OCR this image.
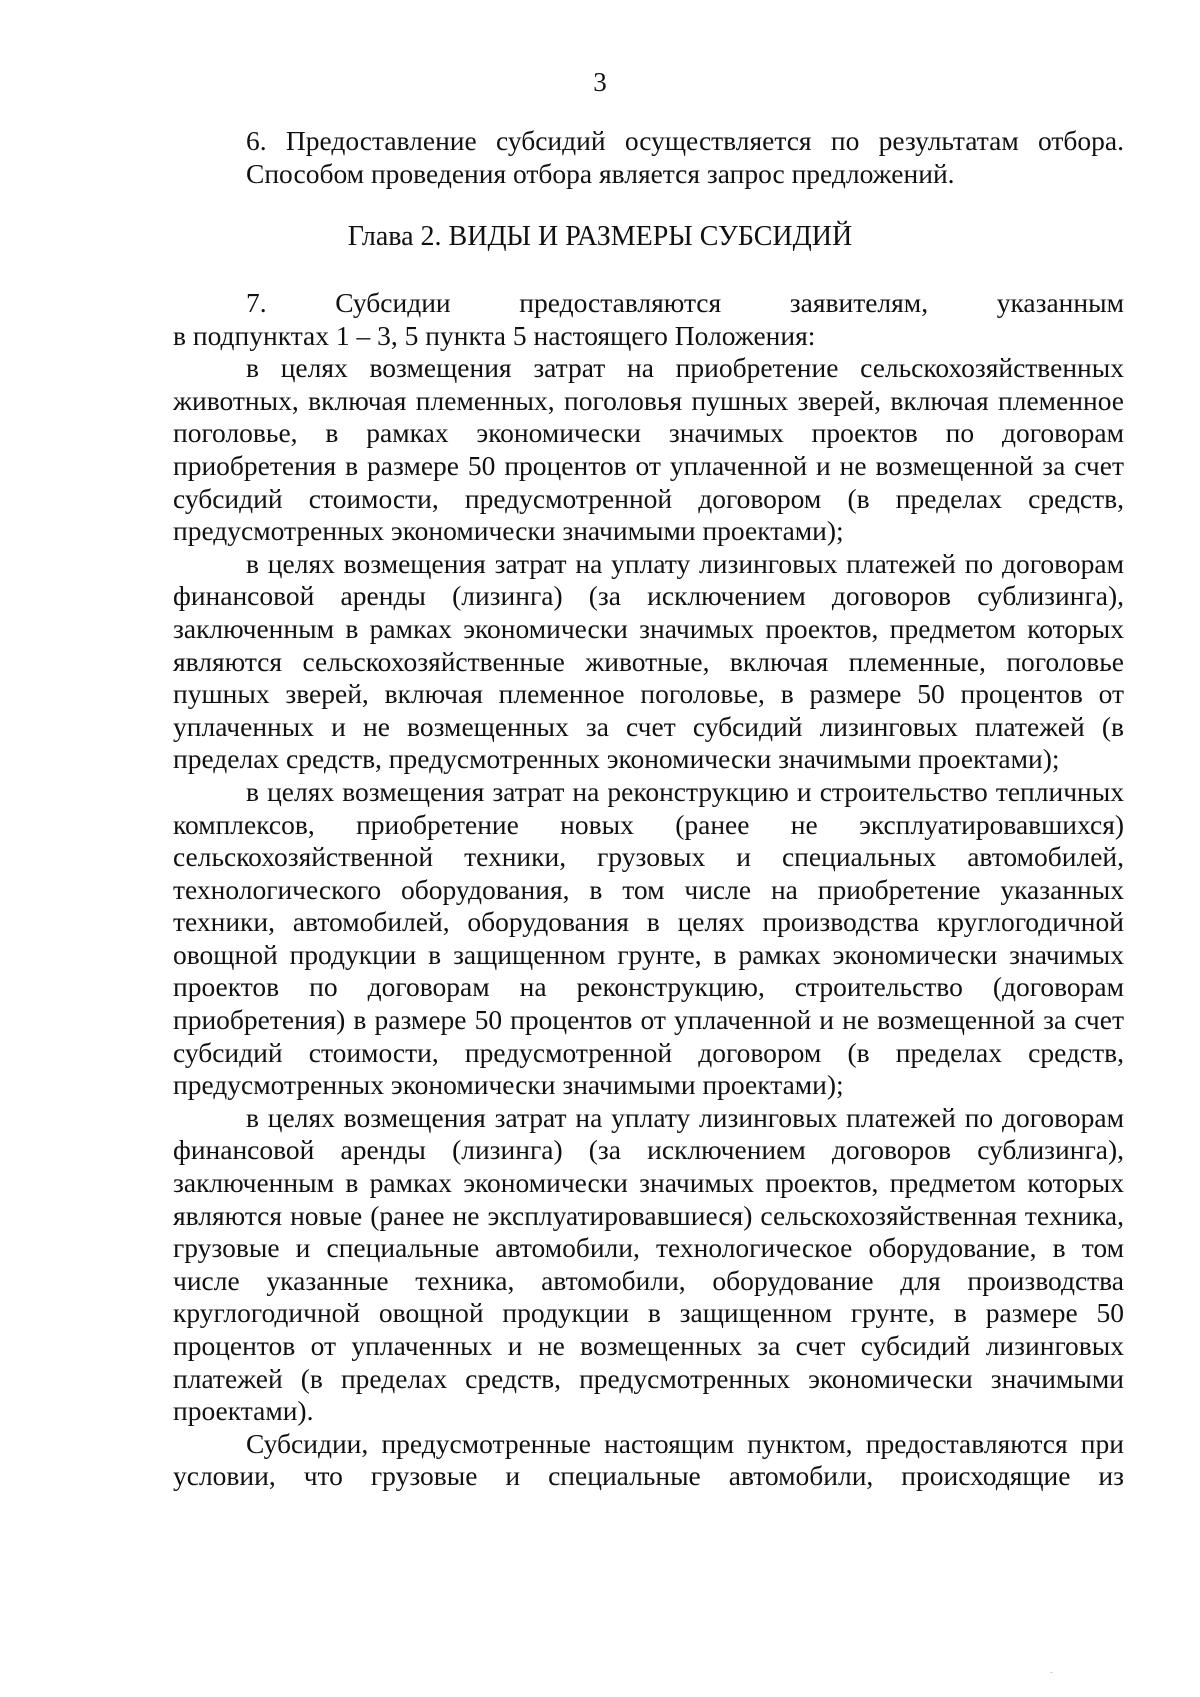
3
6. Предоставление субсидий осуществляется по результатам отбора.
Способом проведения отбора является запрос предложений.
Глава 2. ВИДЫ И РАЗМЕРЫ СУБСИДИЙ
7. Субсидии предоставляются заявителям, указанным
в подпунктах 1 – 3, 5 пункта 5 настоящего Положения:

в целях возмещения затрат на приобретение сельскохозяйственных животных, включая племенных, поголовья пушных зверей, включая племенное поголовье, в рамках экономически значимых проектов по договорам приобретения в размере 50 процентов от уплаченной и не возмещенной за счет субсидий стоимости, предусмотренной договором (в пределах средств, предусмотренных экономически значимыми проектами);

в целях возмещения затрат на уплату лизинговых платежей по договорам финансовой аренды (лизинга) (за исключением договоров сублизинга), заключенным в рамках экономически значимых проектов, предметом которых являются сельскохозяйственные животные, включая племенные, поголовье пушных зверей, включая племенное поголовье, в размере 50 процентов от уплаченных и не возмещенных за счет субсидий лизинговых платежей (в пределах средств, предусмотренных экономически значимыми проектами);

в целях возмещения затрат на реконструкцию и строительство тепличных комплексов, приобретение новых (ранее не эксплуатировавшихся) сельскохозяйственной техники, грузовых и специальных автомобилей, технологического оборудования, в том числе на приобретение указанных техники, автомобилей, оборудования в целях производства круглогодичной овощной продукции в защищенном грунте, в рамках экономически значимых проектов по договорам на реконструкцию, строительство (договорам приобретения) в размере 50 процентов от уплаченной и не возмещенной за счет субсидий стоимости, предусмотренной договором (в пределах средств, предусмотренных экономически значимыми проектами);

в целях возмещения затрат на уплату лизинговых платежей по договорам финансовой аренды (лизинга) (за исключением договоров сублизинга), заключенным в рамках экономически значимых проектов, предметом которых являются новые (ранее не эксплуатировавшиеся) сельскохозяйственная техника, грузовые и специальные автомобили, технологическое оборудование, в том числе указанные техника, автомобили, оборудование для производства круглогодичной овощной продукции в защищенном грунте, в размере 50 процентов от уплаченных и не возмещенных за счет субсидий лизинговых платежей (в пределах средств, предусмотренных экономически значимыми проектами).

Субсидии, предусмотренные настоящим пунктом, предоставляются при условии, что грузовые и специальные автомобили, происходящие из
